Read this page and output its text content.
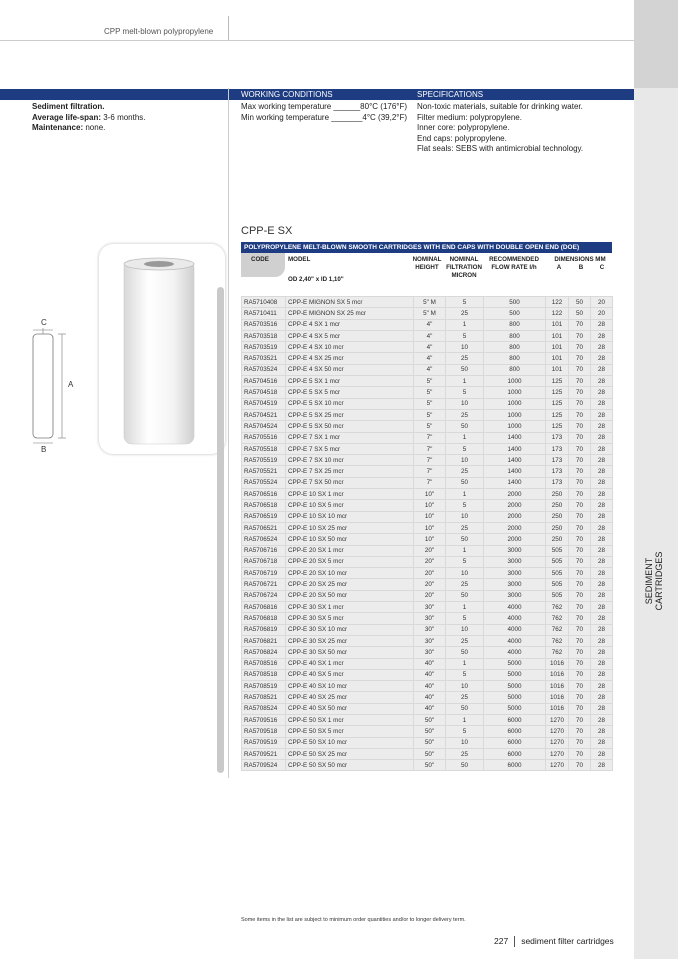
CPP melt-blown polypropylene
SEDIMENT CARTRIDGES
WORKING CONDITIONS	SPECIFICATIONS
Sediment filtration.
Average life-span: 3-6 months.
Maintenance: none.
Max working temperature ______80°C (176°F)
Min working temperature _______4°C (39,2°F)
Non-toxic materials, suitable for drinking water.
Filter medium: polypropylene.
Inner core: polypropylene.
End caps: polypropylene.
Flat seals: SEBS with antimicrobial technology.
C
A
B
CPP-E SX
POLYPROPYLENE MELT-BLOWN SMOOTH CARTRIDGES WITH END CAPS WITH DOUBLE OPEN END (DOE)
CODE	MODEL
OD 2,40" x ID 1,10"
NOMINAL
HEIGHT
NOMINAL
FILTRATION
MICRON
RECOMMENDED
FLOW RATE l/h
DIMENSIONS MM
A	B	C
RA5710408	CPP-E MIGNON SX 5 mcr	5" M	5	500	122	50	20
RA5710411	CPP-E MIGNON SX 25 mcr	5" M	25	500	122	50	20
RA5703516	CPP-E 4 SX 1 mcr	4"	1	800	101	70	28
RA5703518	CPP-E 4 SX 5 mcr	4"	5	800	101	70	28
RA5703519	CPP-E 4 SX 10 mcr	4"	10	800	101	70	28
RA5703521	CPP-E 4 SX 25 mcr	4"	25	800	101	70	28
RA5703524	CPP-E 4 SX 50 mcr	4"	50	800	101	70	28
RA5704516	CPP-E 5 SX 1 mcr	5"	1	1000	125	70	28
RA5704518	CPP-E 5 SX 5 mcr	5"	5	1000	125	70	28
RA5704519	CPP-E 5 SX 10 mcr	5"	10	1000	125	70	28
RA5704521	CPP-E 5 SX 25 mcr	5"	25	1000	125	70	28
RA5704524	CPP-E 5 SX 50 mcr	5"	50	1000	125	70	28
RA5705516	CPP-E 7 SX 1 mcr	7"	1	1400	173	70	28
RA5705518	CPP-E 7 SX 5 mcr	7"	5	1400	173	70	28
RA5705519	CPP-E 7 SX 10 mcr	7"	10	1400	173	70	28
RA5705521	CPP-E 7 SX 25 mcr	7"	25	1400	173	70	28
RA5705524	CPP-E 7 SX 50 mcr	7"	50	1400	173	70	28
RA5706516	CPP-E 10 SX 1 mcr	10"	1	2000	250	70	28
RA5706518	CPP-E 10 SX 5 mcr	10"	5	2000	250	70	28
RA5706519	CPP-E 10 SX 10 mcr	10"	10	2000	250	70	28
RA5706521	CPP-E 10 SX 25 mcr	10"	25	2000	250	70	28
RA5706524	CPP-E 10 SX 50 mcr	10"	50	2000	250	70	28
RA5706716	CPP-E 20 SX 1 mcr	20"	1	3000	505	70	28
RA5706718	CPP-E 20 SX 5 mcr	20"	5	3000	505	70	28
RA5706719	CPP-E 20 SX 10 mcr	20"	10	3000	505	70	28
RA5706721	CPP-E 20 SX 25 mcr	20"	25	3000	505	70	28
RA5706724	CPP-E 20 SX 50 mcr	20"	50	3000	505	70	28
RA5706816	CPP-E 30 SX 1 mcr	30"	1	4000	762	70	28
RA5706818	CPP-E 30 SX 5 mcr	30"	5	4000	762	70	28
RA5706819	CPP-E 30 SX 10 mcr	30"	10	4000	762	70	28
RA5706821	CPP-E 30 SX 25 mcr	30"	25	4000	762	70	28
RA5706824	CPP-E 30 SX 50 mcr	30"	50	4000	762	70	28
RA5708516	CPP-E 40 SX 1 mcr	40"	1	5000	1016	70	28
RA5708518	CPP-E 40 SX 5 mcr	40"	5	5000	1016	70	28
RA5708519	CPP-E 40 SX 10 mcr	40"	10	5000	1016	70	28
RA5708521	CPP-E 40 SX 25 mcr	40"	25	5000	1016	70	28
RA5708524	CPP-E 40 SX 50 mcr	40"	50	5000	1016	70	28
RA5709516	CPP-E 50 SX 1 mcr	50"	1	6000	1270	70	28
RA5709518	CPP-E 50 SX 5 mcr	50"	5	6000	1270	70	28
RA5709519	CPP-E 50 SX 10 mcr	50"	10	6000	1270	70	28
RA5709521	CPP-E 50 SX 25 mcr	50"	25	6000	1270	70	28
RA5709524	CPP-E 50 SX 50 mcr	50"	50	6000	1270	70	28
Some items in the list are subject to minimum order quantities and/or to longer delivery term.
227 sediment filter cartridges
